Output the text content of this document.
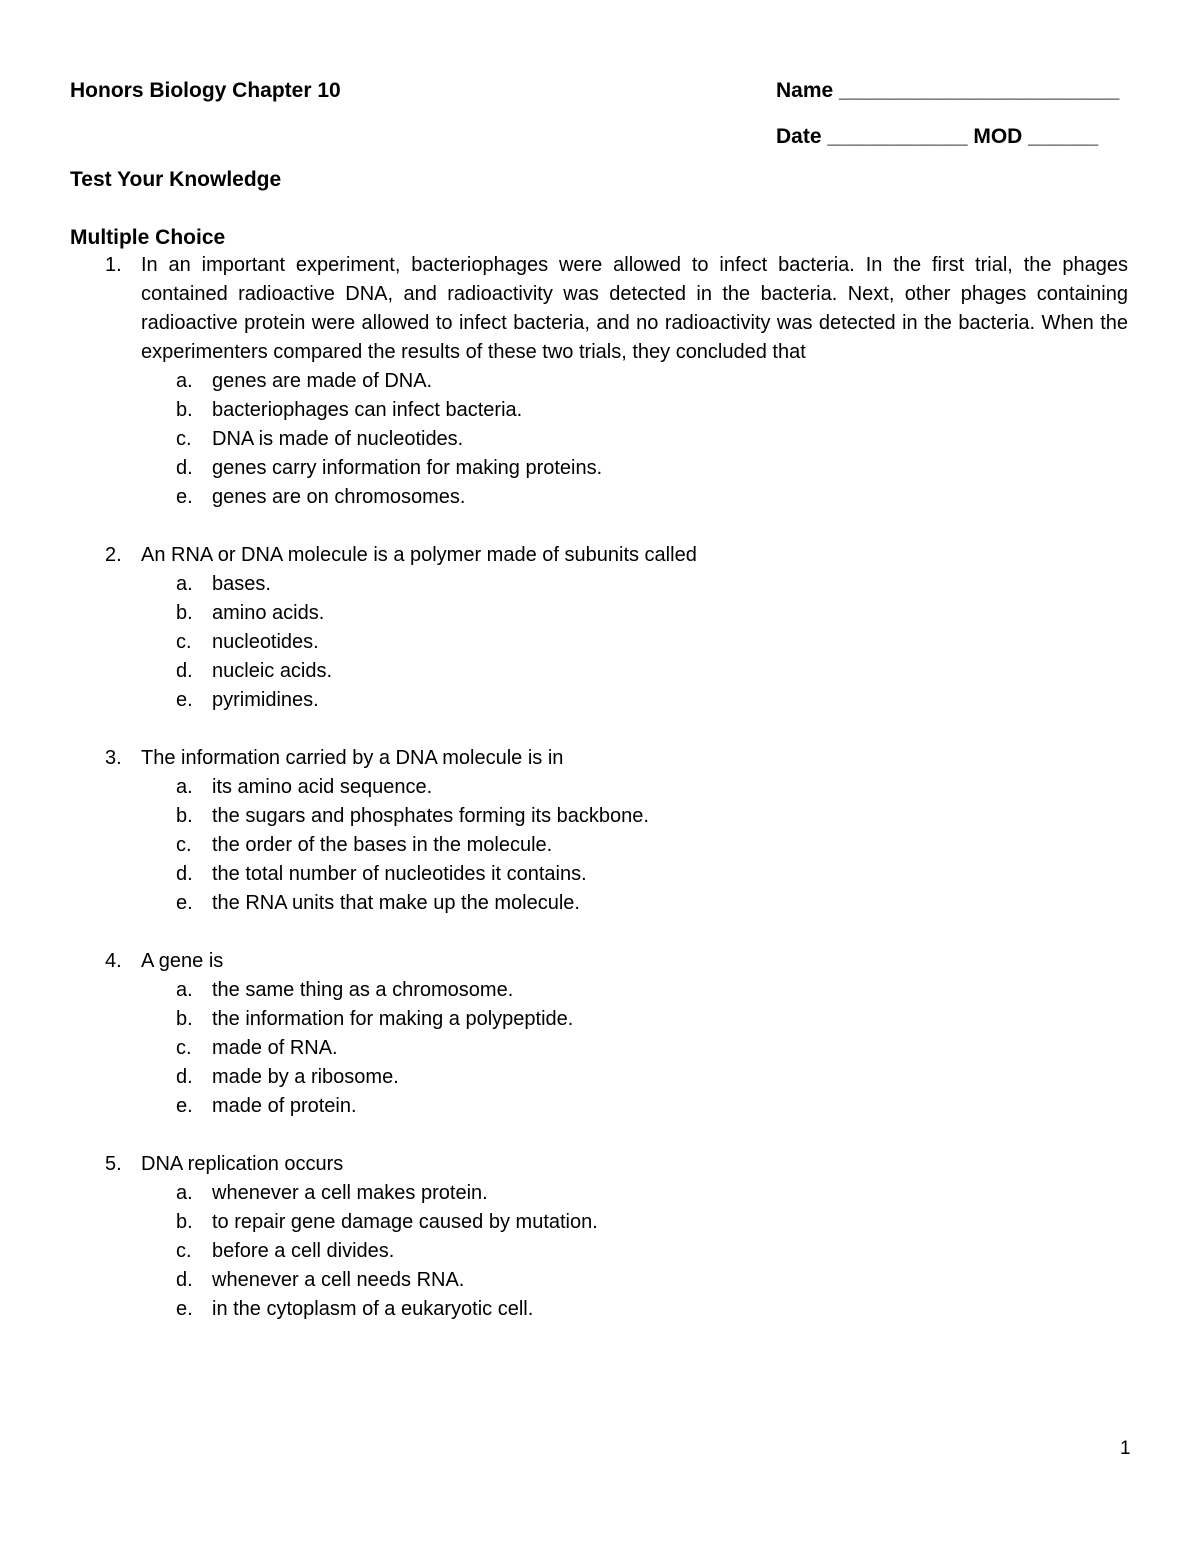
Honors Biology Chapter 10	Name ________________________
Date ____________ MOD ______
Test Your Knowledge
Multiple Choice
1. In an important experiment, bacteriophages were allowed to infect bacteria. In the first trial, the phages contained radioactive DNA, and radioactivity was detected in the bacteria. Next, other phages containing radioactive protein were allowed to infect bacteria, and no radioactivity was detected in the bacteria. When the experimenters compared the results of these two trials, they concluded that
a. genes are made of DNA.
b. bacteriophages can infect bacteria.
c. DNA is made of nucleotides.
d. genes carry information for making proteins.
e. genes are on chromosomes.
2. An RNA or DNA molecule is a polymer made of subunits called
a. bases.
b. amino acids.
c. nucleotides.
d. nucleic acids.
e. pyrimidines.
3. The information carried by a DNA molecule is in
a. its amino acid sequence.
b. the sugars and phosphates forming its backbone.
c. the order of the bases in the molecule.
d. the total number of nucleotides it contains.
e. the RNA units that make up the molecule.
4. A gene is
a. the same thing as a chromosome.
b. the information for making a polypeptide.
c. made of RNA.
d. made by a ribosome.
e. made of protein.
5. DNA replication occurs
a. whenever a cell makes protein.
b. to repair gene damage caused by mutation.
c. before a cell divides.
d. whenever a cell needs RNA.
e. in the cytoplasm of a eukaryotic cell.
1
